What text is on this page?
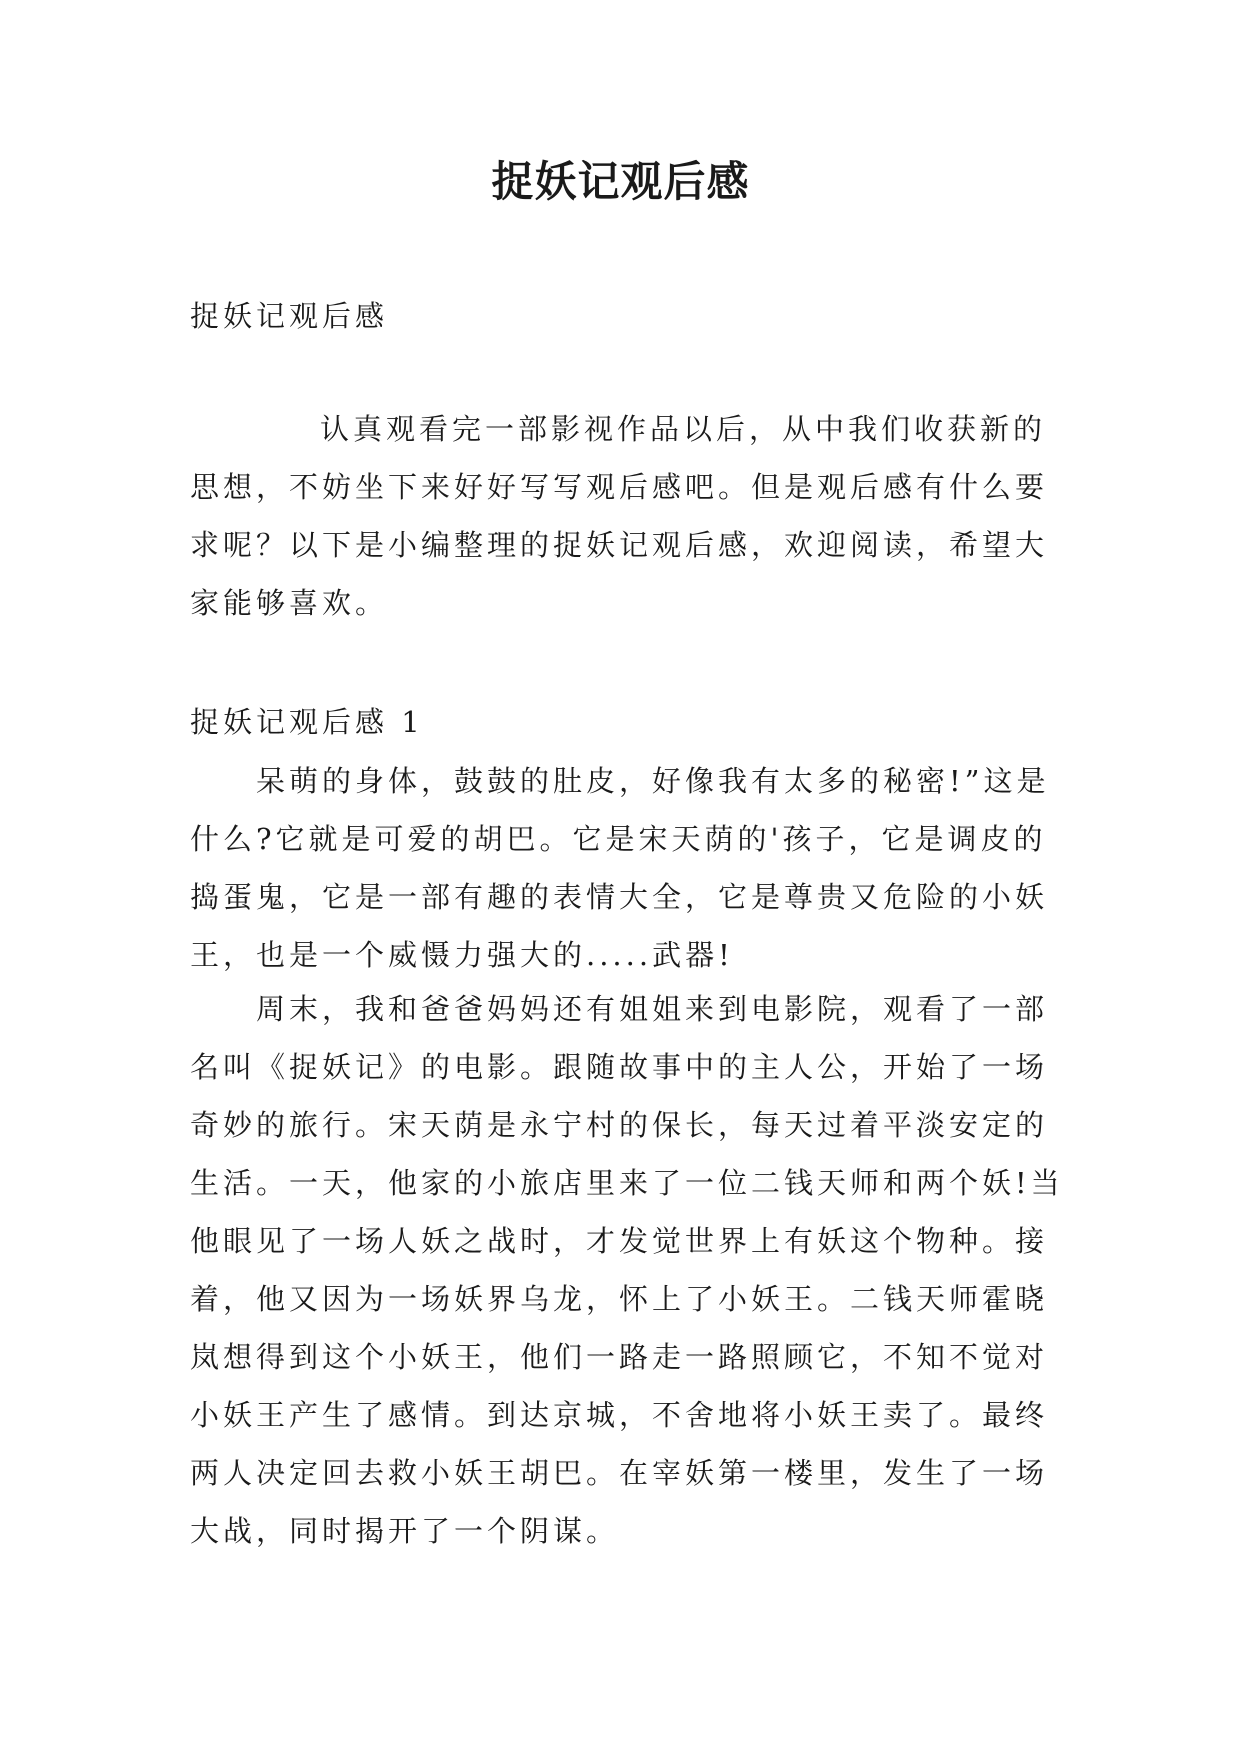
捉妖记观后感

捉妖记观后感

认真观看完一部影视作品以后，从中我们收获新的思想，不妨坐下来好好写写观后感吧。但是观后感有什么要求呢？以下是小编整理的捉妖记观后感，欢迎阅读，希望大家能够喜欢。

捉妖记观后感 1

呆萌的身体，鼓鼓的肚皮，好像我有太多的秘密!”这是什么?它就是可爱的胡巴。它是宋天荫的'孩子，它是调皮的捣蛋鬼，它是一部有趣的表情大全，它是尊贵又危险的小妖王，也是一个威慑力强大的.....武器!

周末，我和爸爸妈妈还有姐姐来到电影院，观看了一部名叫《捉妖记》的电影。跟随故事中的主人公，开始了一场奇妙的旅行。宋天荫是永宁村的保长，每天过着平淡安定的生活。一天，他家的小旅店里来了一位二钱天师和两个妖!当他眼见了一场人妖之战时，才发觉世界上有妖这个物种。接着，他又因为一场妖界乌龙，怀上了小妖王。二钱天师霍晓岚想得到这个小妖王，他们一路走一路照顾它，不知不觉对小妖王产生了感情。到达京城，不舍地将小妖王卖了。最终两人决定回去救小妖王胡巴。在宰妖第一楼里，发生了一场大战，同时揭开了一个阴谋。
